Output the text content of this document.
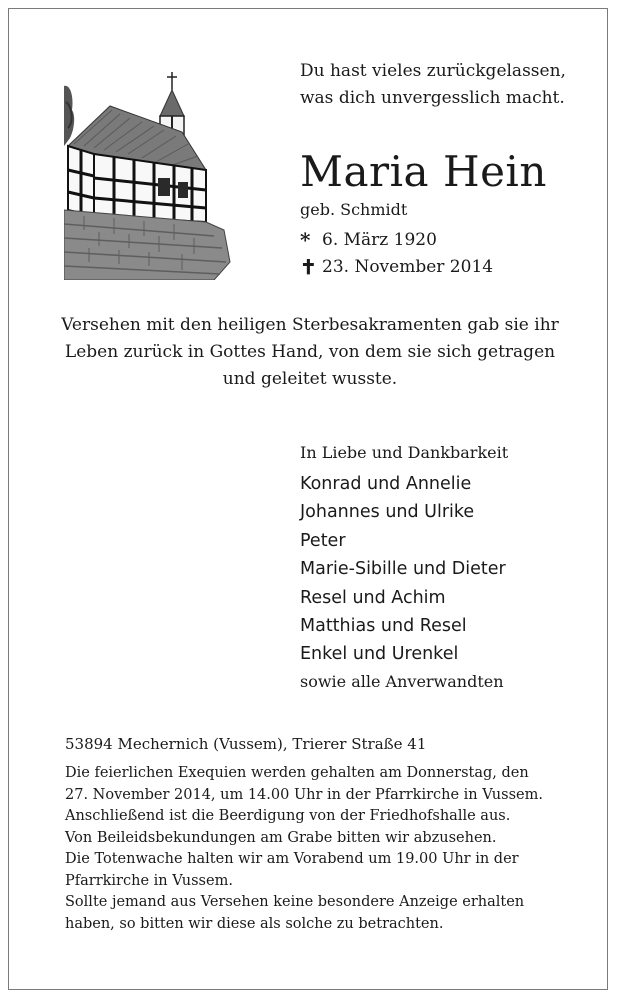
Du hast vieles zurückgelassen,
was dich unvergesslich macht.
Maria Hein
geb. Schmidt
* 6. März 1920
✝ 23. November 2014
Versehen mit den heiligen Sterbesakramenten gab sie ihr
Leben zurück in Gottes Hand, von dem sie sich getragen
und geleitet wusste.
In Liebe und Dankbarkeit
Konrad und Annelie
Johannes und Ulrike
Peter
Marie-Sibille und Dieter
Resel und Achim
Matthias und Resel
Enkel und Urenkel
sowie alle Anverwandten
53894 Mechernich (Vussem), Trierer Straße 41
Die feierlichen Exequien werden gehalten am Donnerstag, den
27. November 2014, um 14.00 Uhr in der Pfarrkirche in Vussem.
Anschließend ist die Beerdigung von der Friedhofshalle aus.
Von Beileidsbekundungen am Grabe bitten wir abzusehen.
Die Totenwache halten wir am Vorabend um 19.00 Uhr in der
Pfarrkirche in Vussem.
Sollte jemand aus Versehen keine besondere Anzeige erhalten
haben, so bitten wir diese als solche zu betrachten.
